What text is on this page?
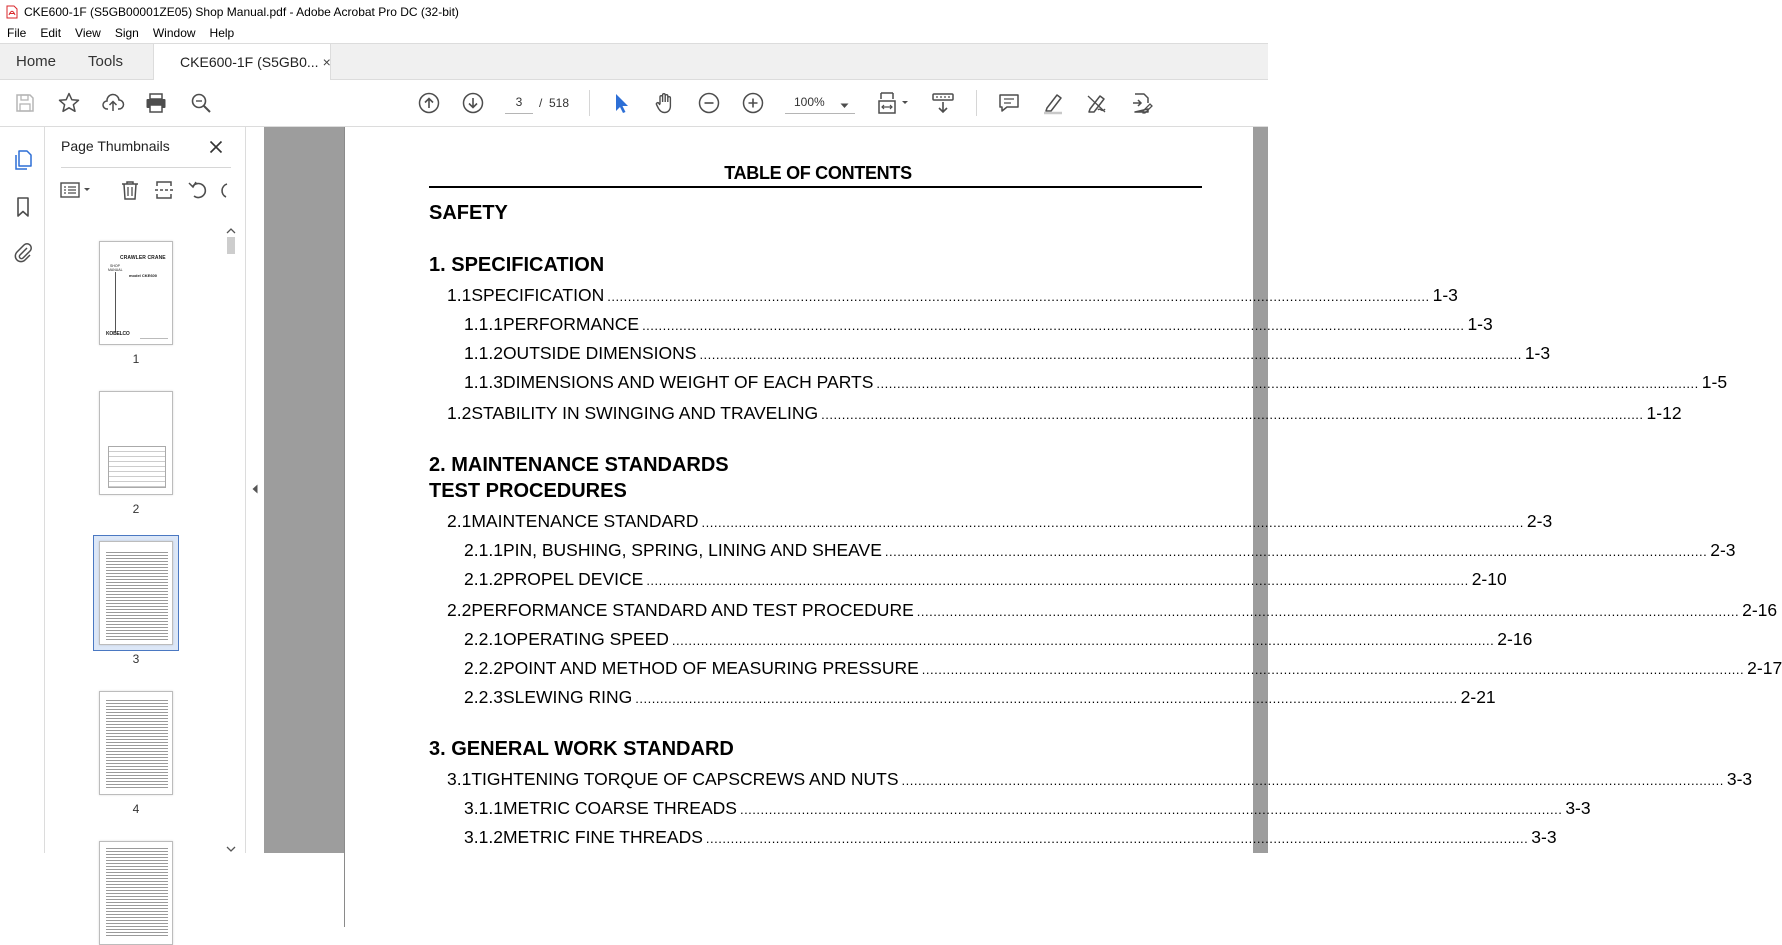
CKE600-1F (S5GB00001ZE05) Shop Manual.pdf - Adobe Acrobat Pro DC (32-bit)
File	Edit	View	Sign	Window	Help
Home	Tools	CKE600-1F (S5GB0... ×
3
/ 518	100%
Page Thumbnails
CRAWLER CRANE
SHOP MANUAL
model CKE600
KOBELCO
1
2
3
4
TABLE OF CONTENTS
SAFETY
1. SPECIFICATION
1.1 SPECIFICATION ........................................................................................................................................................................................................ 1-3
1.1.1 PERFORMANCE ........................................................................................................................................................................................................ 1-3
1.1.2 OUTSIDE DIMENSIONS ........................................................................................................................................................................................................ 1-3
1.1.3 DIMENSIONS AND WEIGHT OF EACH PARTS ........................................................................................................................................................................................................ 1-5
1.2 STABILITY IN SWINGING AND TRAVELING ........................................................................................................................................................................................................ 1-12
2. MAINTENANCE STANDARDS
TEST PROCEDURES
2.1 MAINTENANCE STANDARD ........................................................................................................................................................................................................ 2-3
2.1.1 PIN, BUSHING, SPRING, LINING AND SHEAVE ........................................................................................................................................................................................................ 2-3
2.1.2 PROPEL DEVICE ........................................................................................................................................................................................................ 2-10
2.2 PERFORMANCE STANDARD AND TEST PROCEDURE ........................................................................................................................................................................................................ 2-16
2.2.1 OPERATING SPEED ........................................................................................................................................................................................................ 2-16
2.2.2 POINT AND METHOD OF MEASURING PRESSURE ........................................................................................................................................................................................................ 2-17
2.2.3 SLEWING RING ........................................................................................................................................................................................................ 2-21
3. GENERAL WORK STANDARD
3.1 TIGHTENING TORQUE OF CAPSCREWS AND NUTS ........................................................................................................................................................................................................ 3-3
3.1.1 METRIC COARSE THREADS ........................................................................................................................................................................................................ 3-3
3.1.2 METRIC FINE THREADS ........................................................................................................................................................................................................ 3-3
